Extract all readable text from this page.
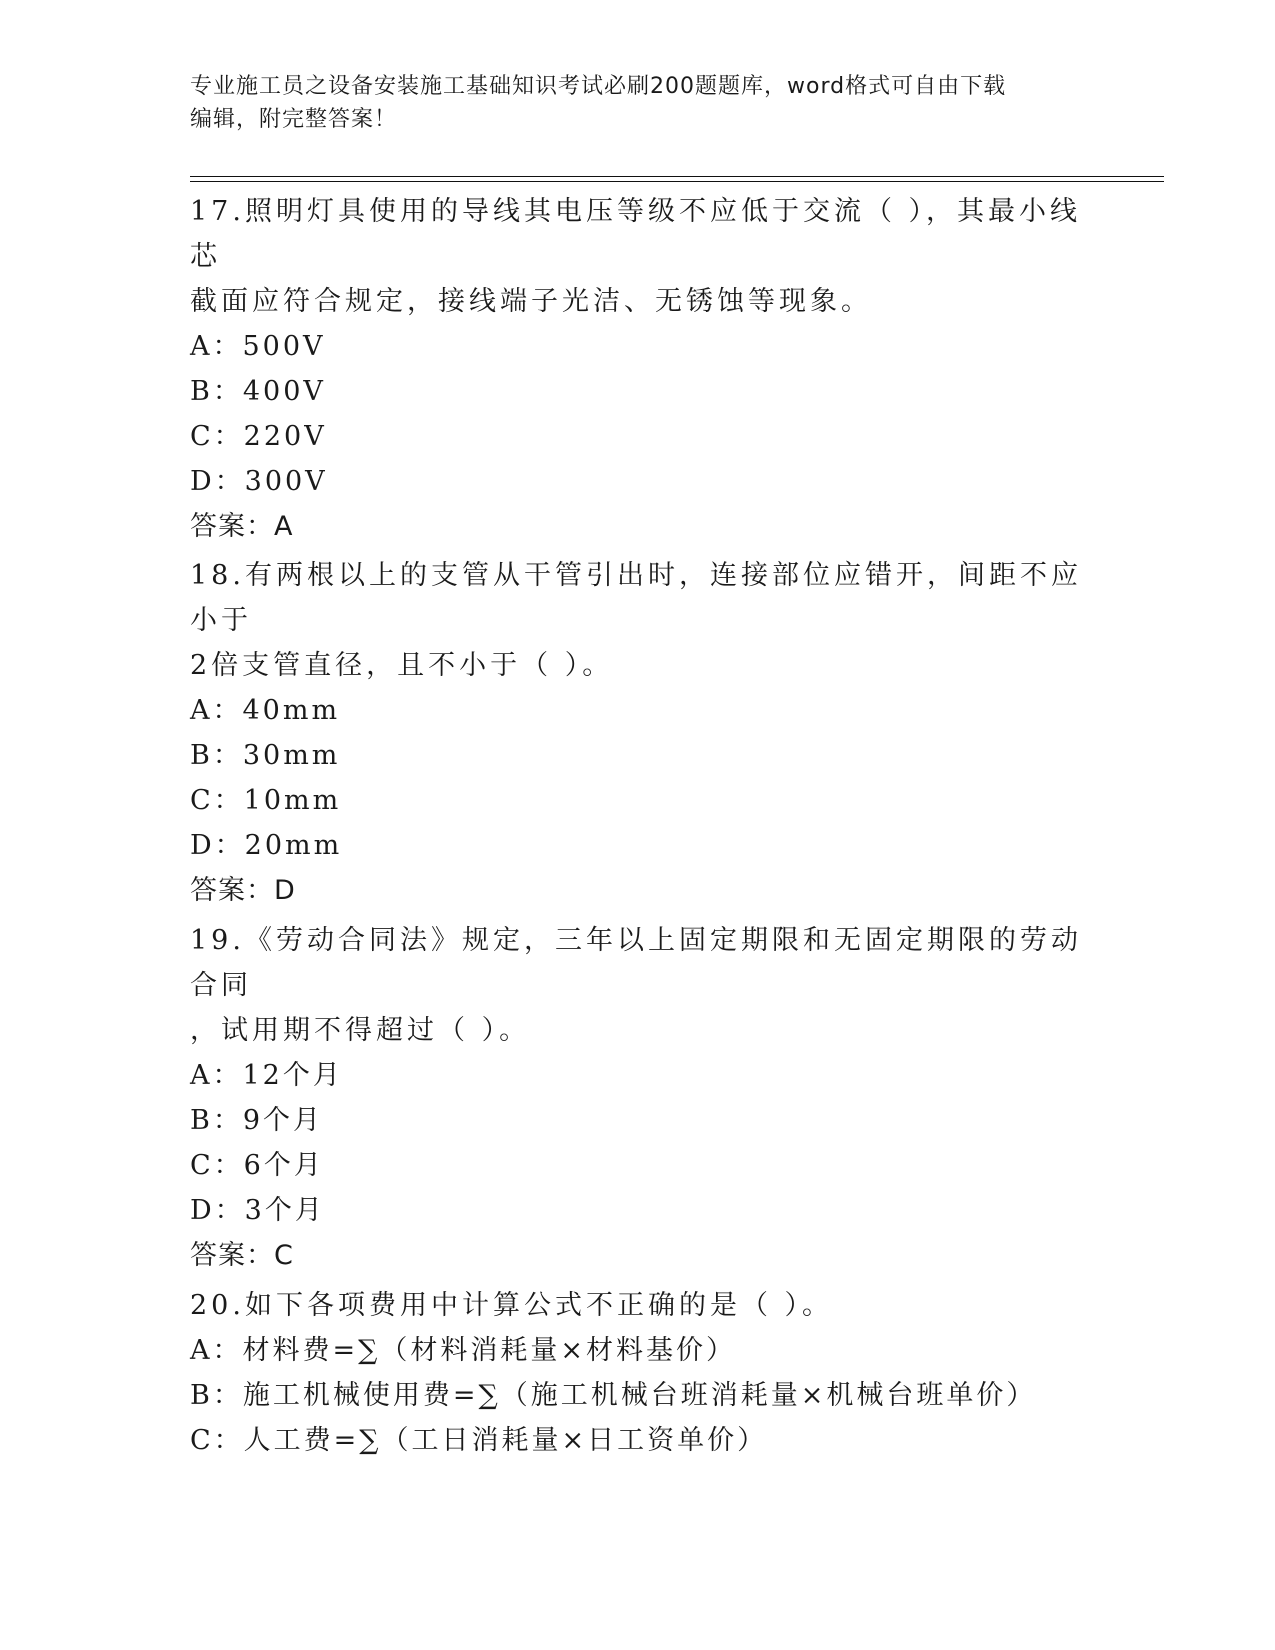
专业施工员之设备安装施工基础知识考试必刷200题题库，word格式可自由下载
编辑，附完整答案！

17.照明灯具使用的导线其电压等级不应低于交流（ ），其最小线芯

截面应符合规定，接线端子光洁、无锈蚀等现象。

A：500V

B：400V

C：220V

D：300V

答案：A

18.有两根以上的支管从干管引出时，连接部位应错开，间距不应小于

2倍支管直径，且不小于（ ）。

A：40mm

B：30mm

C：10mm

D：20mm

答案：D

19.《劳动合同法》规定，三年以上固定期限和无固定期限的劳动合同

，试用期不得超过（ ）。

A：12个月

B：9个月

C：6个月

D：3个月

答案：C

20.如下各项费用中计算公式不正确的是（ ）。

A：材料费=∑（材料消耗量×材料基价）

B：施工机械使用费=∑（施工机械台班消耗量×机械台班单价）

C：人工费=∑（工日消耗量×日工资单价）
